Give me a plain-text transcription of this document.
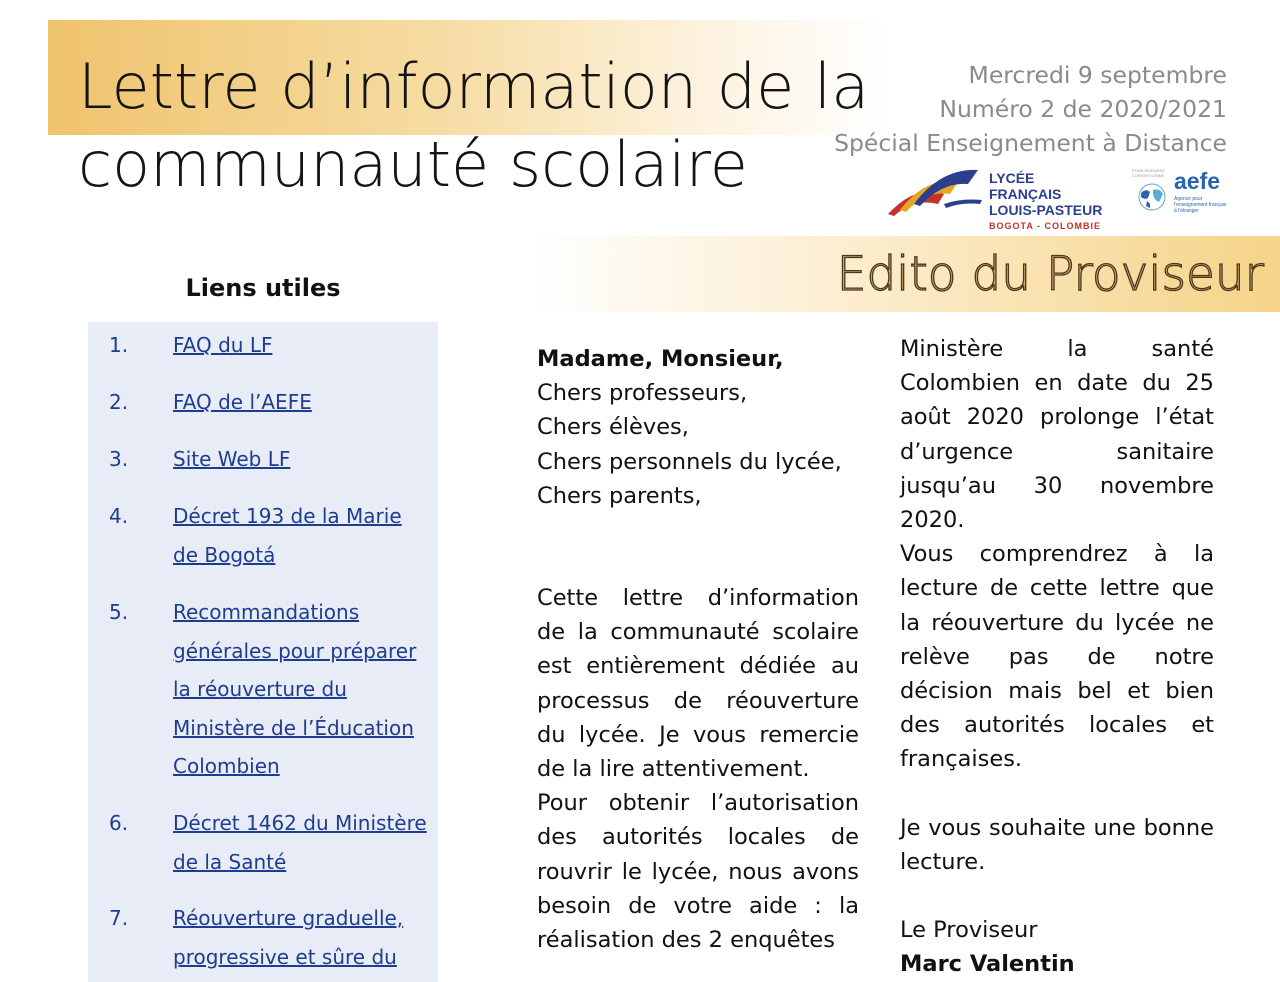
Lettre d’information de la
communauté scolaire
Mercredi 9 septembre
Numéro 2 de 2020/2021
Spécial Enseignement à Distance
LYCÉE FRANÇAIS
LOUIS-PASTEUR
BOGOTA - COLOMBIE
ÉTABLISSEMENT CONVENTIONNÉ aefe
Agence pour l'enseignement français à l'étranger
Edito du Proviseur
Liens utiles
1. FAQ du LF
2. FAQ de l’AEFE
3. Site Web LF
4. Décret 193 de la Marie de Bogotá
5. Recommandations générales pour préparer la réouverture du Ministère de l’Éducation Colombien
6. Décret 1462 du Ministère de la Santé
7. Réouverture graduelle, progressive et sûre du

Madame, Monsieur,

Chers professeurs,

Chers élèves,

Chers personnels du lycée,

Chers parents,

Cette lettre d’information de la communauté scolaire est entièrement dédiée au processus de réouverture du lycée. Je vous remercie de la lire attentivement.

Pour obtenir l’autorisation des autorités locales de rouvrir le lycée, nous avons besoin de votre aide : la réalisation des 2 enquêtes

Ministère la santé Colombien en date du 25 août 2020 prolonge l’état d’urgence sanitaire jusqu’au 30 novembre 2020.

Vous comprendrez à la lecture de cette lettre que la réouverture du lycée ne relève pas de notre décision mais bel et bien des autorités locales et françaises.

Je vous souhaite une bonne lecture.

Le Proviseur

Marc Valentin
